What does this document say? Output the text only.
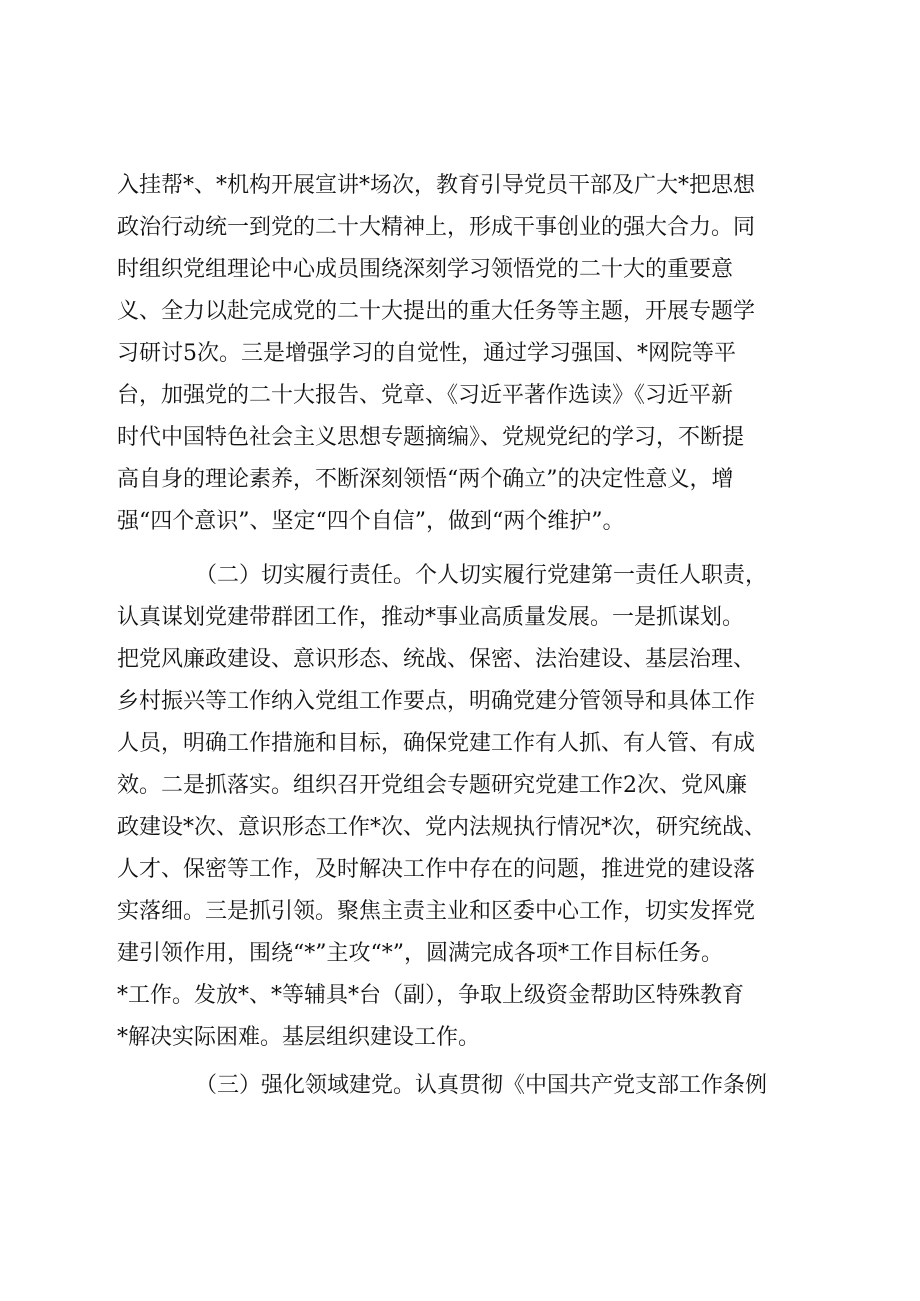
入挂帮*、*机构开展宣讲*场次，教育引导党员干部及广大*把思想
政治行动统一到党的二十大精神上，形成干事创业的强大合力。同
时组织党组理论中心成员围绕深刻学习领悟党的二十大的重要意
义、全力以赴完成党的二十大提出的重大任务等主题，开展专题学
习研讨5次。三是增强学习的自觉性，通过学习强国、*网院等平
台，加强党的二十大报告、党章、《习近平著作选读》《习近平新
时代中国特色社会主义思想专题摘编》、党规党纪的学习，不断提
高自身的理论素养，不断深刻领悟“两个确立”的决定性意义，增
强“四个意识”、坚定“四个自信”，做到“两个维护”。
（二）切实履行责任。个人切实履行党建第一责任人职责，
认真谋划党建带群团工作，推动*事业高质量发展。一是抓谋划。
把党风廉政建设、意识形态、统战、保密、法治建设、基层治理、
乡村振兴等工作纳入党组工作要点，明确党建分管领导和具体工作
人员，明确工作措施和目标，确保党建工作有人抓、有人管、有成
效。二是抓落实。组织召开党组会专题研究党建工作2次、党风廉
政建设*次、意识形态工作*次、党内法规执行情况*次，研究统战、
人才、保密等工作，及时解决工作中存在的问题，推进党的建设落
实落细。三是抓引领。聚焦主责主业和区委中心工作，切实发挥党
建引领作用，围绕“*”主攻“*”，圆满完成各项*工作目标任务。
*工作。发放*、*等辅具*台（副），争取上级资金帮助区特殊教育
*解决实际困难。基层组织建设工作。
（三）强化领域建党。认真贯彻《中国共产党支部工作条例
